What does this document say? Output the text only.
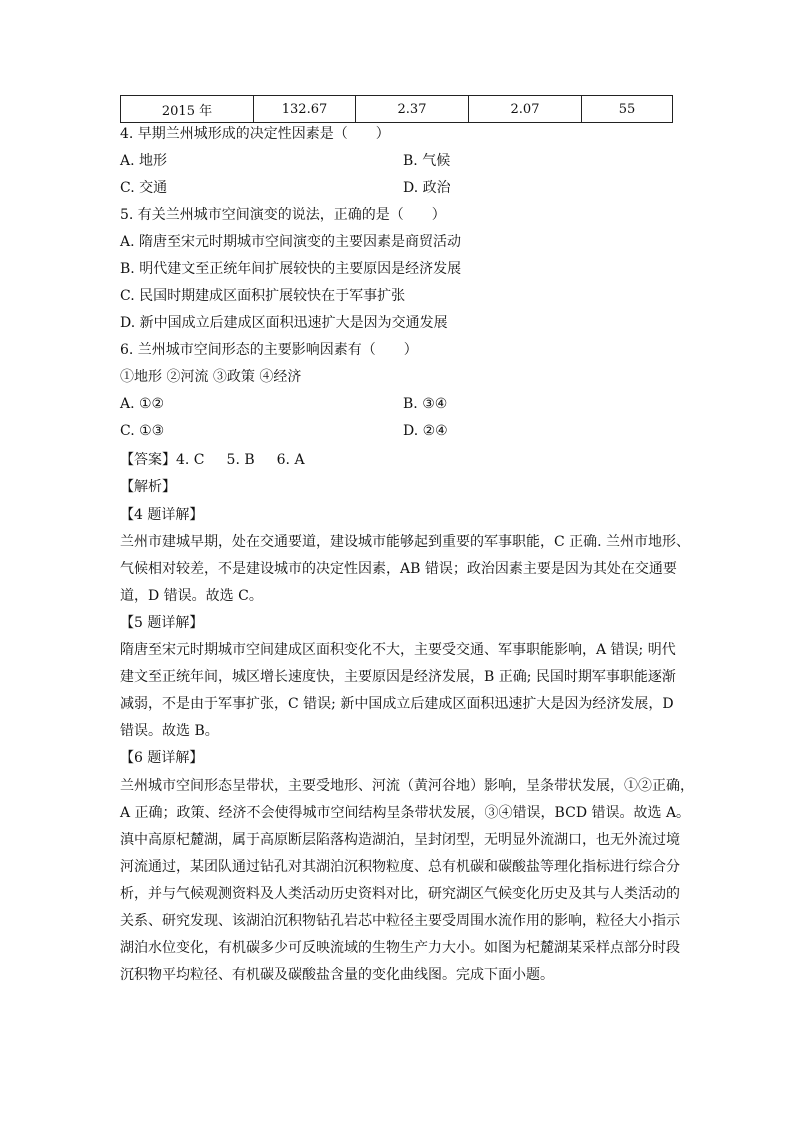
2015 年	132.67	2.37	2.07	55
4. 早期兰州城形成的决定性因素是（　　）
A. 地形	B. 气候
C. 交通	D. 政治
5. 有关兰州城市空间演变的说法，正确的是（　　）
A. 隋唐至宋元时期城市空间演变的主要因素是商贸活动
B. 明代建文至正统年间扩展较快的主要原因是经济发展
C. 民国时期建成区面积扩展较快在于军事扩张
D. 新中国成立后建成区面积迅速扩大是因为交通发展
6. 兰州城市空间形态的主要影响因素有（　　）
①地形 ②河流 ③政策 ④经济
A. ①②	B. ③④
C. ①③	D. ②④
【答案】4. C 5. B 6. A
【解析】
【4 题详解】
兰州市建城早期，处在交通要道，建设城市能够起到重要的军事职能，C 正确. 兰州市地形、
气候相对较差，不是建设城市的决定性因素，AB 错误；政治因素主要是因为其处在交通要
道，D 错误。故选 C。
【5 题详解】
隋唐至宋元时期城市空间建成区面积变化不大，主要受交通、军事职能影响，A 错误; 明代
建文至正统年间，城区增长速度快，主要原因是经济发展，B 正确; 民国时期军事职能逐渐
减弱，不是由于军事扩张，C 错误; 新中国成立后建成区面积迅速扩大是因为经济发展，D
错误。故选 B。
【6 题详解】
兰州城市空间形态呈带状，主要受地形、河流（黄河谷地）影响，呈条带状发展，①②正确，
A 正确；政策、经济不会使得城市空间结构呈条带状发展，③④错误，BCD 错误。故选 A。
滇中高原杞麓湖，属于高原断层陷落构造湖泊，呈封闭型，无明显外流湖口，也无外流过境
河流通过，某团队通过钻孔对其湖泊沉积物粒度、总有机碳和碳酸盐等理化指标进行综合分
析，并与气候观测资料及人类活动历史资料对比，研究湖区气候变化历史及其与人类活动的
关系、研究发现、该湖泊沉积物钻孔岩芯中粒径主要受周围水流作用的影响，粒径大小指示
湖泊水位变化，有机碳多少可反映流域的生物生产力大小。如图为杞麓湖某采样点部分时段
沉积物平均粒径、有机碳及碳酸盐含量的变化曲线图。完成下面小题。
